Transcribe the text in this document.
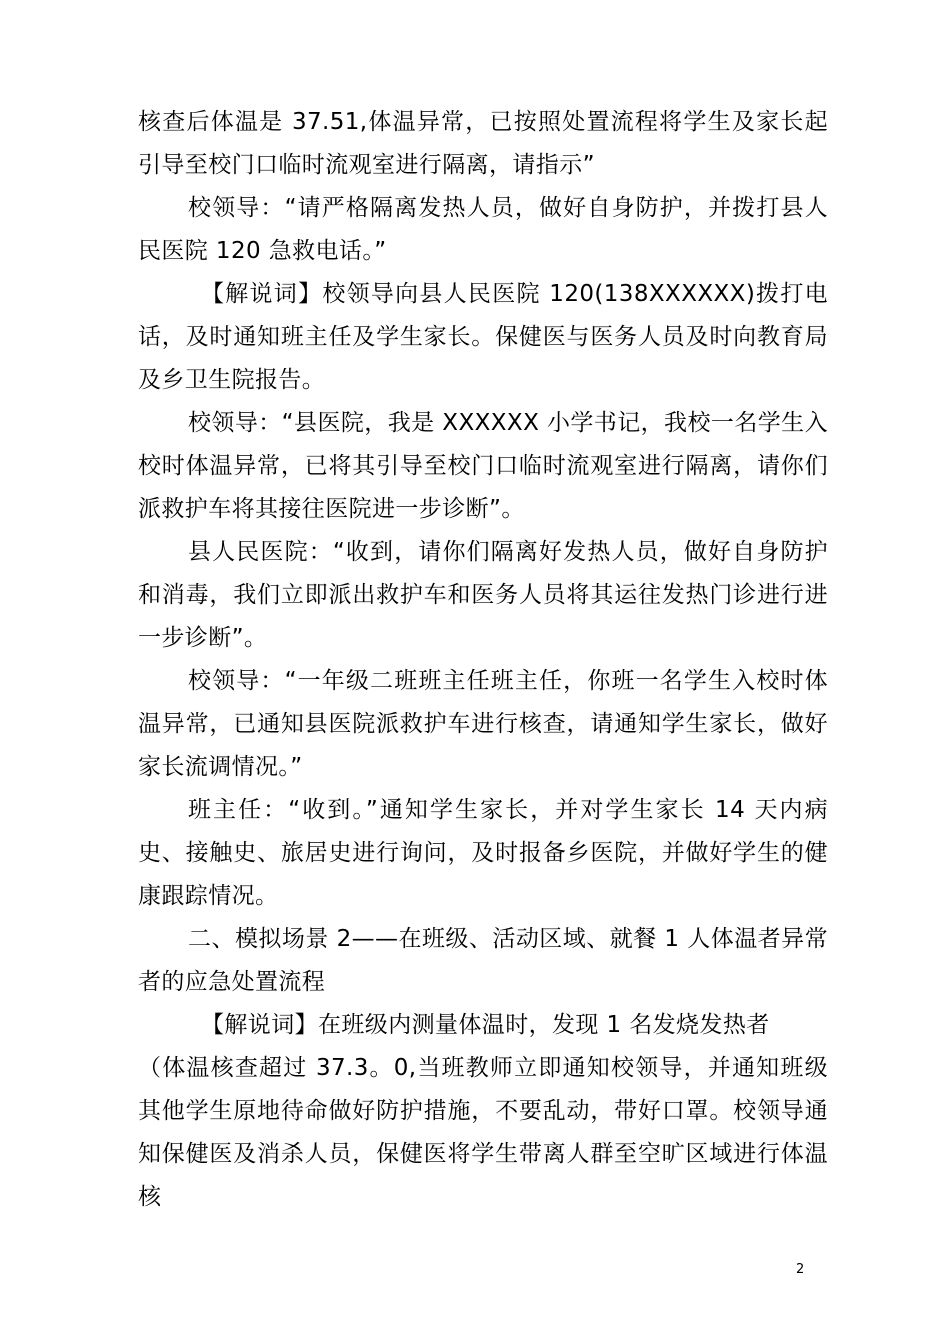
核查后体温是 37.51,体温异常，已按照处置流程将学生及家长起引导至校门口临时流观室进行隔离，请指示”

校领导：“请严格隔离发热人员，做好自身防护，并拨打县人民医院 120 急救电话。”

【解说词】校领导向县人民医院 120(138XXXXXX)拨打电话，及时通知班主任及学生家长。保健医与医务人员及时向教育局及乡卫生院报告。

校领导：“县医院，我是 XXXXXX 小学书记，我校一名学生入校时体温异常，已将其引导至校门口临时流观室进行隔离，请你们派救护车将其接往医院进一步诊断”。

县人民医院：“收到，请你们隔离好发热人员，做好自身防护和消毒，我们立即派出救护车和医务人员将其运往发热门诊进行进一步诊断”。

校领导：“一年级二班班主任班主任，你班一名学生入校时体温异常，已通知县医院派救护车进行核查，请通知学生家长，做好家长流调情况。”

班主任：“收到。”通知学生家长，并对学生家长 14 天内病史、接触史、旅居史进行询问，及时报备乡医院，并做好学生的健康跟踪情况。

二、模拟场景 2——在班级、活动区域、就餐 1 人体温者异常者的应急处置流程

【解说词】在班级内测量体温时，发现 1 名发烧发热者

（体温核查超过 37.3。0,当班教师立即通知校领导，并通知班级其他学生原地待命做好防护措施，不要乱动，带好口罩。校领导通知保健医及消杀人员，保健医将学生带离人群至空旷区域进行体温核

2
